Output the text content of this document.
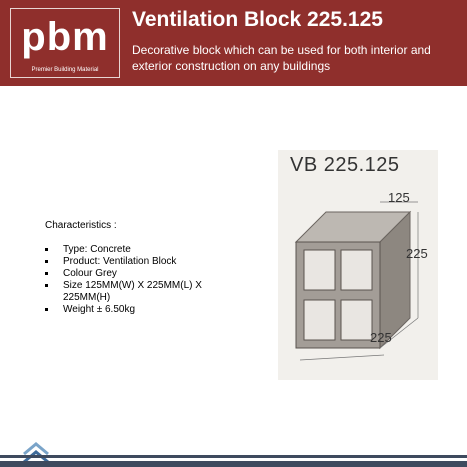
pbm
Premier Building Material
Ventilation Block 225.125
Decorative block which can be used for both interior and exterior construction on any buildings
Characteristics :
Type: Concrete
Product: Ventilation Block
Colour Grey
Size 125MM(W) X 225MM(L) X 225MM(H)
Weight ± 6.50kg
VB 225.125
125
225
225
